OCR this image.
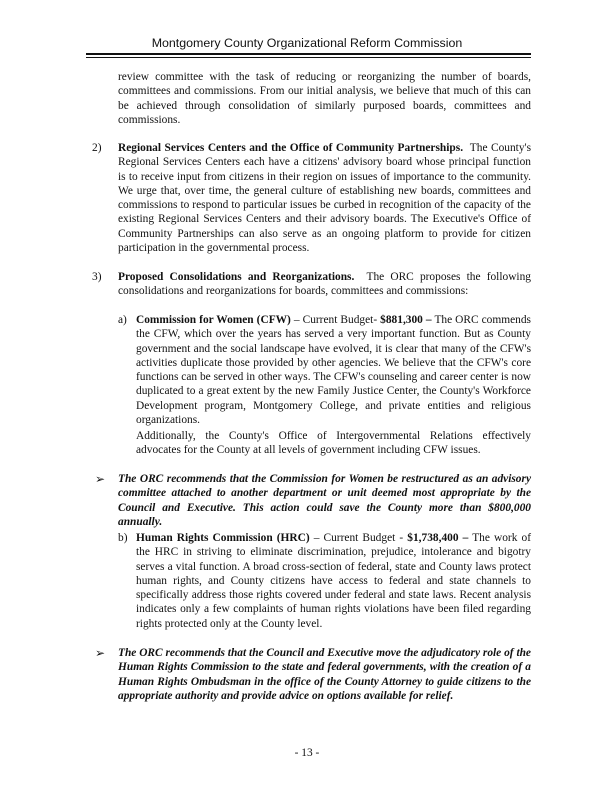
Montgomery County Organizational Reform Commission

review committee with the task of reducing or reorganizing the number of boards, committees and commissions. From our initial analysis, we believe that much of this can be achieved through consolidation of similarly purposed boards, committees and commissions.

2) Regional Services Centers and the Office of Community Partnerships. The County's Regional Services Centers each have a citizens' advisory board whose principal function is to receive input from citizens in their region on issues of importance to the community. We urge that, over time, the general culture of establishing new boards, committees and commissions to respond to particular issues be curbed in recognition of the capacity of the existing Regional Services Centers and their advisory boards. The Executive's Office of Community Partnerships can also serve as an ongoing platform to provide for citizen participation in the governmental process.

3) Proposed Consolidations and Reorganizations. The ORC proposes the following consolidations and reorganizations for boards, committees and commissions:

a) Commission for Women (CFW) – Current Budget- $881,300 – The ORC commends the CFW, which over the years has served a very important function. But as County government and the social landscape have evolved, it is clear that many of the CFW's activities duplicate those provided by other agencies. We believe that the CFW's core functions can be served in other ways. The CFW's counseling and career center is now duplicated to a great extent by the new Family Justice Center, the County's Workforce Development program, Montgomery College, and private entities and religious organizations.

Additionally, the County's Office of Intergovernmental Relations effectively advocates for the County at all levels of government including CFW issues.

➢ The ORC recommends that the Commission for Women be restructured as an advisory committee attached to another department or unit deemed most appropriate by the Council and Executive. This action could save the County more than $800,000 annually.

b) Human Rights Commission (HRC) – Current Budget - $1,738,400 – The work of the HRC in striving to eliminate discrimination, prejudice, intolerance and bigotry serves a vital function. A broad cross-section of federal, state and County laws protect human rights, and County citizens have access to federal and state channels to specifically address those rights covered under federal and state laws. Recent analysis indicates only a few complaints of human rights violations have been filed regarding rights protected only at the County level.

➢ The ORC recommends that the Council and Executive move the adjudicatory role of the Human Rights Commission to the state and federal governments, with the creation of a Human Rights Ombudsman in the office of the County Attorney to guide citizens to the appropriate authority and provide advice on options available for relief.

- 13 -
